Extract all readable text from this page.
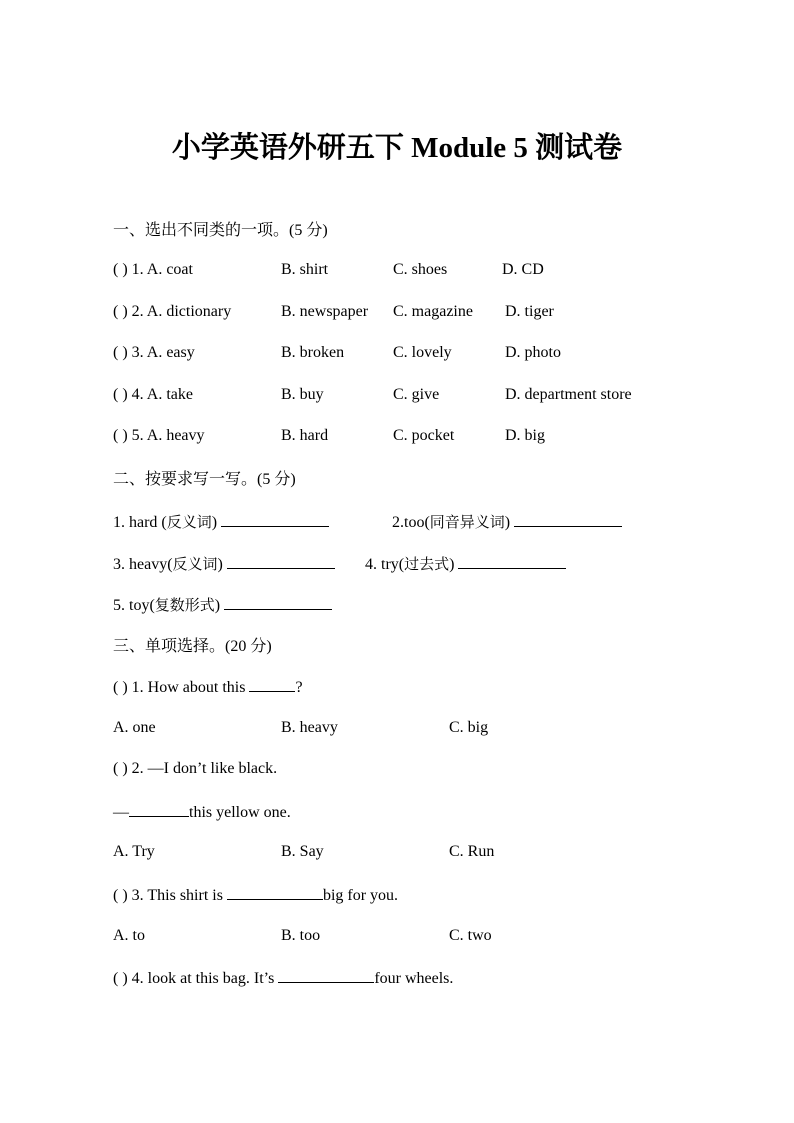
小学英语外研五下 Module 5 测试卷
一、选出不同类的一项。(5 分)
( ) 1. A. coat	B. shirt	C. shoes	D. CD
( ) 2. A. dictionary	B. newspaper C. magazine D. tiger
( ) 3. A. easy	B. broken	C. lovely	D. photo
( ) 4. A. take	B. buy	C. give	D. department store
( ) 5. A. heavy	B. hard	C. pocket	D. big
二、按要求写一写。(5 分)
1. hard (反义词)	2.too(同音异义词)
3. heavy(反义词)	4. try(过去式)
5. toy(复数形式)
三、单项选择。(20 分)
( ) 1. How about this	?
A. one	B. heavy	C. big
( ) 2. —I don’t like black.
—	this yellow one.
A. Try	B. Say	C. Run
( ) 3. This shirt is	big for you.
A. to	B. too	C. two
( ) 4. look at this bag. It’s	four wheels.
